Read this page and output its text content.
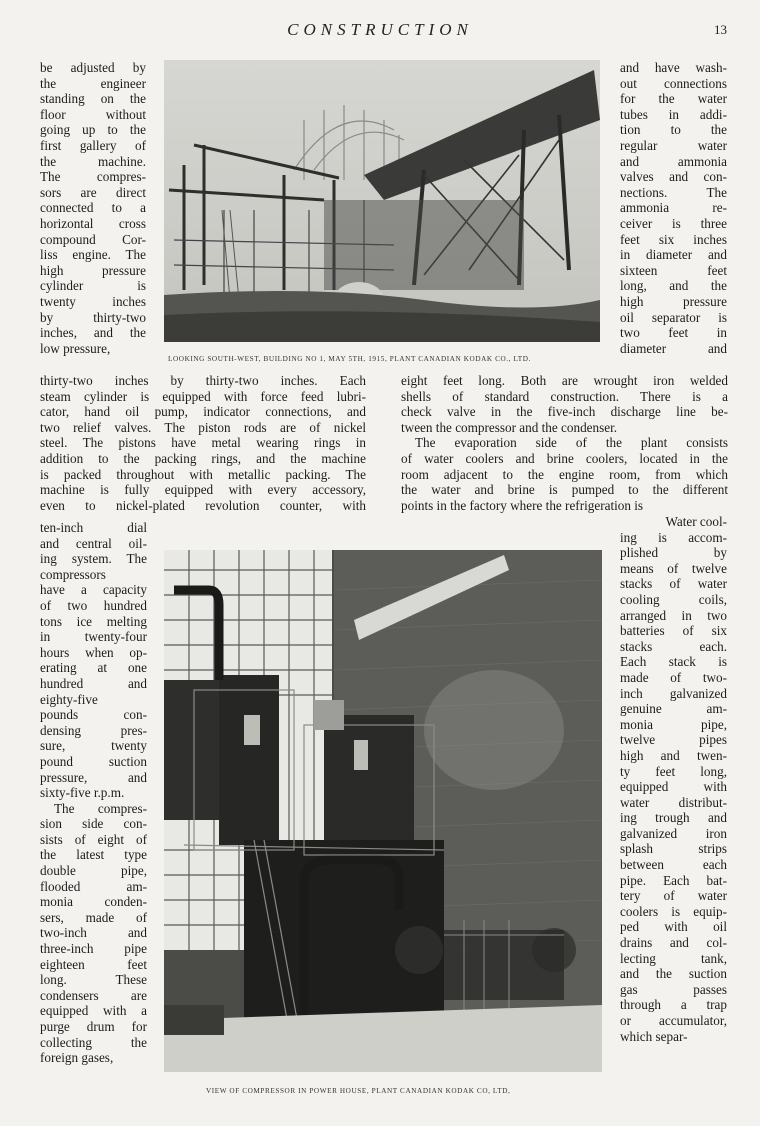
CONSTRUCTION	13
LOOKING SOUTH-WEST, BUILDING NO 1, MAY 5TH, 1915, PLANT CANADIAN KODAK CO., LTD.
VIEW OF COMPRESSOR IN POWER HOUSE, PLANT CANADIAN KODAK CO, LTD,
be adjusted by
the engineer
standing on the
floor without
going up to the
first gallery of
the machine.
The compres-
sors are direct
connected to a
horizontal cross
compound Cor-
liss engine. The
high pressure
cylinder is
twenty inches
by thirty-two
inches, and the
low pressure,
and have wash-
out connections
for the water
tubes in addi-
tion to the
regular water
and ammonia
valves and con-
nections. The
ammonia re-
ceiver is three
feet six inches
in diameter and
sixteen feet
long, and the
high pressure
oil separator is
two feet in
diameter and
thirty-two inches by thirty-two inches. Each
steam cylinder is equipped with force feed lubri-
cator, hand oil pump, indicator connections, and
two relief valves. The piston rods are of nickel
steel. The pistons have metal wearing rings in
addition to the packing rings, and the machine
is packed throughout with metallic packing. The
machine is fully equipped with every accessory,
even to nickel-plated revolution counter, with
eight feet long. Both are wrought iron welded
shells of standard construction. There is a
check valve in the five-inch discharge line be-
tween the compressor and the condenser.
The evaporation side of the plant consists
of water coolers and brine coolers, located in the
room adjacent to the engine room, from which
the water and brine is pumped to the different
points in the factory where the refrigeration is
ten-inch dial
and central oil-
ing system. The
compressors
have a capacity
of two hundred
tons ice melting
in twenty-four
hours when op-
erating at one
hundred and
eighty-five
pounds con-
densing pres-
sure, twenty
pound suction
pressure, and
sixty-five r.p.m.
The compres-
sion side con-
sists of eight of
the latest type
double pipe,
flooded am-
monia conden-
sers, made of
two-inch and
three-inch pipe
eighteen feet
long. These
condensers are
equipped with a
purge drum for
collecting the
foreign gases,
Water cool-
ing is accom-
plished by
means of twelve
stacks of water
cooling coils,
arranged in two
batteries of six
stacks each.
Each stack is
made of two-
inch galvanized
genuine am-
monia pipe,
twelve pipes
high and twen-
ty feet long,
equipped with
water distribut-
ing trough and
galvanized iron
splash strips
between each
pipe. Each bat-
tery of water
coolers is equip-
ped with oil
drains and col-
lecting tank,
and the suction
gas passes
through a trap
or accumulator,
which separ-
